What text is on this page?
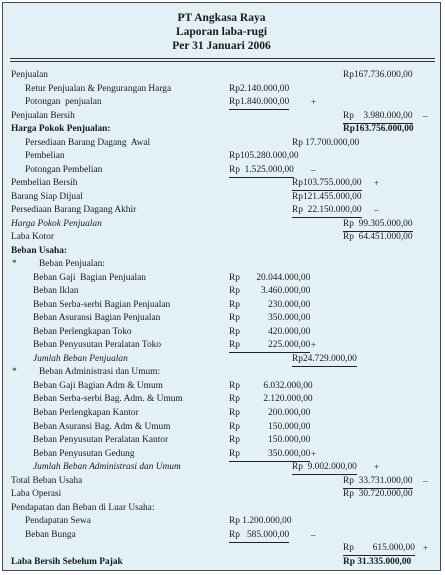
PT Angkasa Raya
Laporan laba-rugi
Per 31 Januari 2006
Penjualan	Rp167.736.000,00
Retur Penjualan & Pengurangan Harga	Rp2.140.000,00
Potongan  penjualan	Rp1.840.000,00 +
Penjualan Bersih	Rp    3.980.000,00 –
Harga Pokok Penjualan:	Rp163.756.000,00
Persediaan Barang Dagang  Awal	Rp 17.700.000,00
Pembelian	Rp105.280.000,00
Potongan Pembelian	Rp  1.525.000,00 –
Pembelian Bersih	Rp103.755.000,00 +
Barang Siap Dijual	Rp121.455.000,00
Persediaan Barang Dagang Akhir	Rp  22.150.000,00 –
Harga Pokok Penjualan	Rp  99.305.000,00
Laba Kotor	Rp  64.451.000,00
Beban Usaha:
* Beban Penjualan:
Beban Gaji  Bagian Penjualan	Rp       20.044.000,00
Beban Iklan	Rp         3.460.000,00
Beban Serba-serbi Bagian Penjualan	Rp            230.000,00
Beban Asuransi Bagian Penjualan	Rp            350.000,00
Beban Perlengkapan Toko	Rp            420.000,00
Beban Penyusutan Peralatan Toko	Rp            225.000,00 +
Jumlah Beban Penjualan	Rp24.729.000,00
* Beban Administrasi dan Umum:
Beban Gaji Bagian Adm & Umum	Rp          6.032.000,00
Beban Serba-serbi Bag. Adm. & Umum	Rp          2.120.000,00
Beban Perlengkapan Kantor	Rp            200.000,00
Beban Asuransi Bag. Adm & Umum	Rp            150.000,00
Beban Penyusutan Peralatan Kantor	Rp            150.000,00
Beban Penyusutan Gedung	Rp            350.000,00 +
Jumlah Beban Administrasi dan Umum	Rp  9.002.000,00 +
Total Beban Usaha	Rp  33.731.000,00 –
Laba Operasi	Rp  30.720.000,00
Pendapatan dan Beban di Luar Usaha:
Pendapatan Sewa	Rp 1.200.000,00
Beban Bunga	Rp   585.000,00 –
Rp        615.000,00 +
Laba Bersih Sebelum Pajak	Rp 31.335.000,00
